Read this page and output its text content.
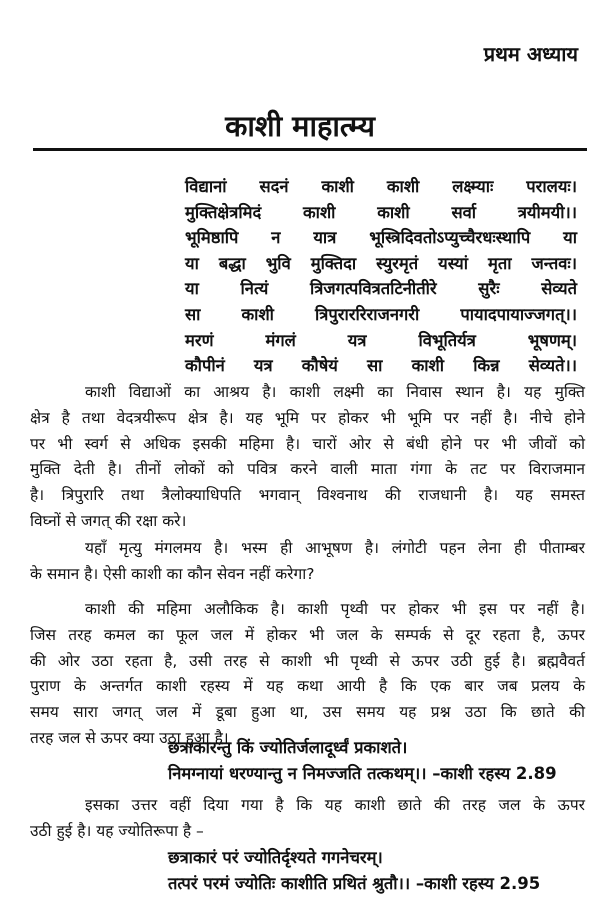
प्रथम अध्याय
काशी माहात्म्य
विद्यानां सदनं काशी काशी लक्ष्म्याः परालयः।
मुक्तिक्षेत्रमिदं काशी काशी सर्वा त्रयीमयी।।
भूमिष्ठापि न यात्र भूस्त्रिदिवतोऽप्युच्चैरधःस्थापि या
या बद्धा भुवि मुक्तिदा स्युरमृतं यस्यां मृता जन्तवः।
या नित्यं त्रिजगत्पवित्रतटिनीतीरे सुरैः सेव्यते
सा काशी त्रिपुराररिराजनगरी पायादपायाज्जगत्।।
मरणं मंगलं यत्र विभूतिर्यत्र भूषणम्।
कौपीनं यत्र कौषेयं सा काशी किन्न सेव्यते।।
काशी विद्याओं का आश्रय है। काशी लक्ष्मी का निवास स्थान है। यह मुक्ति
क्षेत्र है तथा वेदत्रयीरूप क्षेत्र है। यह भूमि पर होकर भी भूमि पर नहीं है। नीचे होने
पर भी स्वर्ग से अधिक इसकी महिमा है। चारों ओर से बंधी होने पर भी जीवों को
मुक्ति देती है। तीनों लोकों को पवित्र करने वाली माता गंगा के तट पर विराजमान
है। त्रिपुरारि तथा त्रैलोक्याधिपति भगवान् विश्वनाथ की राजधानी है। यह समस्त
विघ्नों से जगत् की रक्षा करे।
यहाँ मृत्यु मंगलमय है। भस्म ही आभूषण है। लंगोटी पहन लेना ही पीताम्बर
के समान है। ऐसी काशी का कौन सेवन नहीं करेगा?
काशी की महिमा अलौकिक है। काशी पृथ्वी पर होकर भी इस पर नहीं है।
जिस तरह कमल का फूल जल में होकर भी जल के सम्पर्क से दूर रहता है, ऊपर
की ओर उठा रहता है, उसी तरह से काशी भी पृथ्वी से ऊपर उठी हुई है। ब्रह्मवैवर्त
पुराण के अन्तर्गत काशी रहस्य में यह कथा आयी है कि एक बार जब प्रलय के
समय सारा जगत् जल में डूबा हुआ था, उस समय यह प्रश्न उठा कि छाते की
तरह जल से ऊपर क्या उठा हुआ है।
छत्राकारन्तु किं ज्योतिर्जलादूर्ध्वं प्रकाशते।
निमग्नायां धरण्यान्तु न निमज्जति तत्कथम्।। –काशी रहस्य 2.89
इसका उत्तर वहीं दिया गया है कि यह काशी छाते की तरह जल के ऊपर
उठी हुई है। यह ज्योतिरूपा है –
छत्राकारं परं ज्योतिर्दृश्यते गगनेचरम्।
तत्परं परमं ज्योतिः काशीति प्रथितं श्रुतौ।। –काशी रहस्य 2.95
